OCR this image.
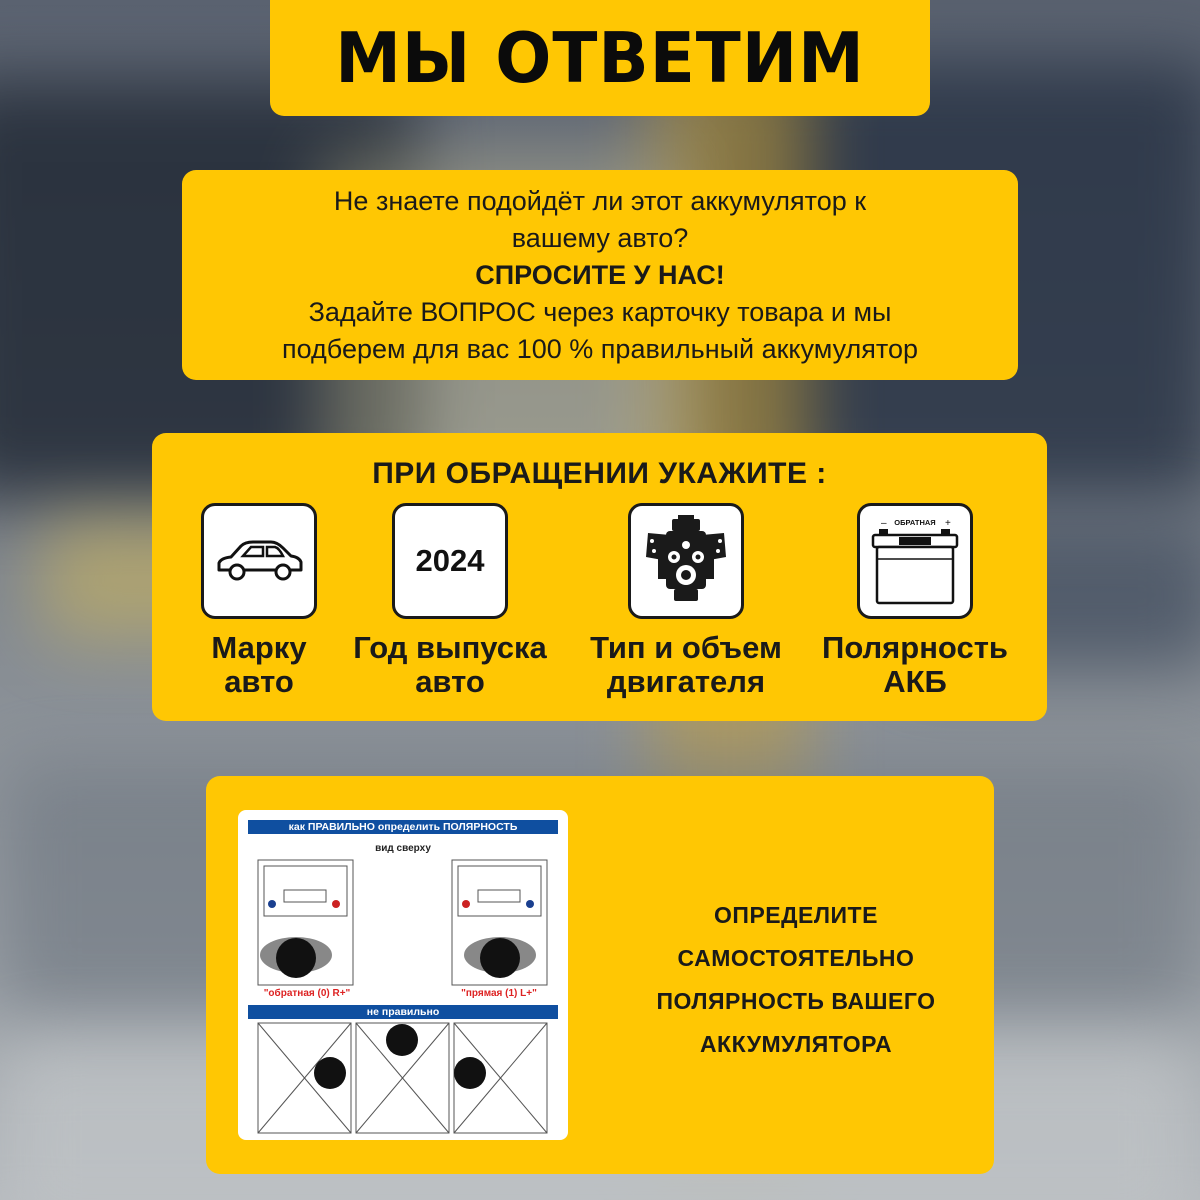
МЫ ОТВЕТИМ
Не знаете подойдёт ли этот аккумулятор к
вашему авто?
СПРОСИТЕ У НАС!
Задайте ВОПРОС через карточку товара и мы
подберем для вас 100 % правильный аккумулятор
ПРИ ОБРАЩЕНИИ УКАЖИТЕ :
Марку
авто
2024
Год выпуска
авто
Тип и объем
двигателя
ОБРАТНАЯ
–	+
Полярность
АКБ
как ПРАВИЛЬНО определить ПОЛЯРНОСТЬ
вид сверху
"обратная (0) R+"	"прямая (1) L+"
не правильно
ОПРЕДЕЛИТЕ
САМОСТОЯТЕЛЬНО
ПОЛЯРНОСТЬ ВАШЕГО
АККУМУЛЯТОРА
